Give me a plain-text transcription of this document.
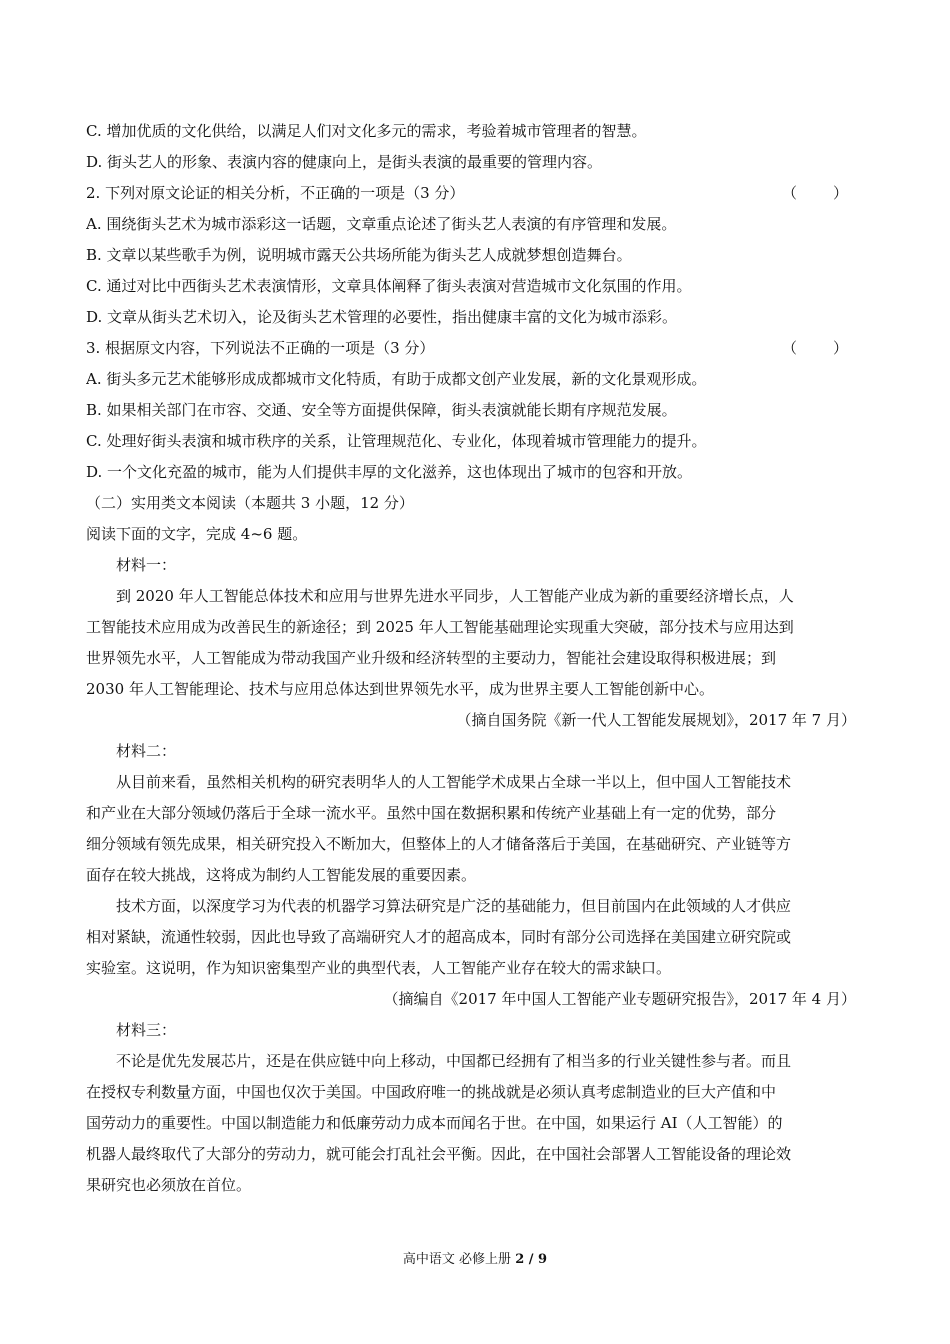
C. 增加优质的文化供给，以满足人们对文化多元的需求，考验着城市管理者的智慧。
D. 街头艺人的形象、表演内容的健康向上，是街头表演的最重要的管理内容。
2. 下列对原文论证的相关分析，不正确的一项是（3 分）	（　　）
A. 围绕街头艺术为城市添彩这一话题，文章重点论述了街头艺人表演的有序管理和发展。
B. 文章以某些歌手为例，说明城市露天公共场所能为街头艺人成就梦想创造舞台。
C. 通过对比中西街头艺术表演情形，文章具体阐释了街头表演对营造城市文化氛围的作用。
D. 文章从街头艺术切入，论及街头艺术管理的必要性，指出健康丰富的文化为城市添彩。
3. 根据原文内容，下列说法不正确的一项是（3 分）	（　　）
A. 街头多元艺术能够形成成都城市文化特质，有助于成都文创产业发展，新的文化景观形成。
B. 如果相关部门在市容、交通、安全等方面提供保障，街头表演就能长期有序规范发展。
C. 处理好街头表演和城市秩序的关系，让管理规范化、专业化，体现着城市管理能力的提升。
D. 一个文化充盈的城市，能为人们提供丰厚的文化滋养，这也体现出了城市的包容和开放。
（二）实用类文本阅读（本题共 3 小题，12 分）
阅读下面的文字，完成 4~6 题。
材料一：
到 2020 年人工智能总体技术和应用与世界先进水平同步，人工智能产业成为新的重要经济增长点，人
工智能技术应用成为改善民生的新途径；到 2025 年人工智能基础理论实现重大突破，部分技术与应用达到
世界领先水平，人工智能成为带动我国产业升级和经济转型的主要动力，智能社会建设取得积极进展；到
2030 年人工智能理论、技术与应用总体达到世界领先水平，成为世界主要人工智能创新中心。
（摘自国务院《新一代人工智能发展规划》，2017 年 7 月）
材料二：
从目前来看，虽然相关机构的研究表明华人的人工智能学术成果占全球一半以上，但中国人工智能技术
和产业在大部分领域仍落后于全球一流水平。虽然中国在数据积累和传统产业基础上有一定的优势，部分
细分领域有领先成果，相关研究投入不断加大，但整体上的人才储备落后于美国，在基础研究、产业链等方
面存在较大挑战，这将成为制约人工智能发展的重要因素。
技术方面，以深度学习为代表的机器学习算法研究是广泛的基础能力，但目前国内在此领域的人才供应
相对紧缺，流通性较弱，因此也导致了高端研究人才的超高成本，同时有部分公司选择在美国建立研究院或
实验室。这说明，作为知识密集型产业的典型代表，人工智能产业存在较大的需求缺口。
（摘编自《2017 年中国人工智能产业专题研究报告》，2017 年 4 月）
材料三：
不论是优先发展芯片，还是在供应链中向上移动，中国都已经拥有了相当多的行业关键性参与者。而且
在授权专利数量方面，中国也仅次于美国。中国政府唯一的挑战就是必须认真考虑制造业的巨大产值和中
国劳动力的重要性。中国以制造能力和低廉劳动力成本而闻名于世。在中国，如果运行 AI（人工智能）的
机器人最终取代了大部分的劳动力，就可能会打乱社会平衡。因此，在中国社会部署人工智能设备的理论效
果研究也必须放在首位。
高中语文 必修上册 2 / 9
